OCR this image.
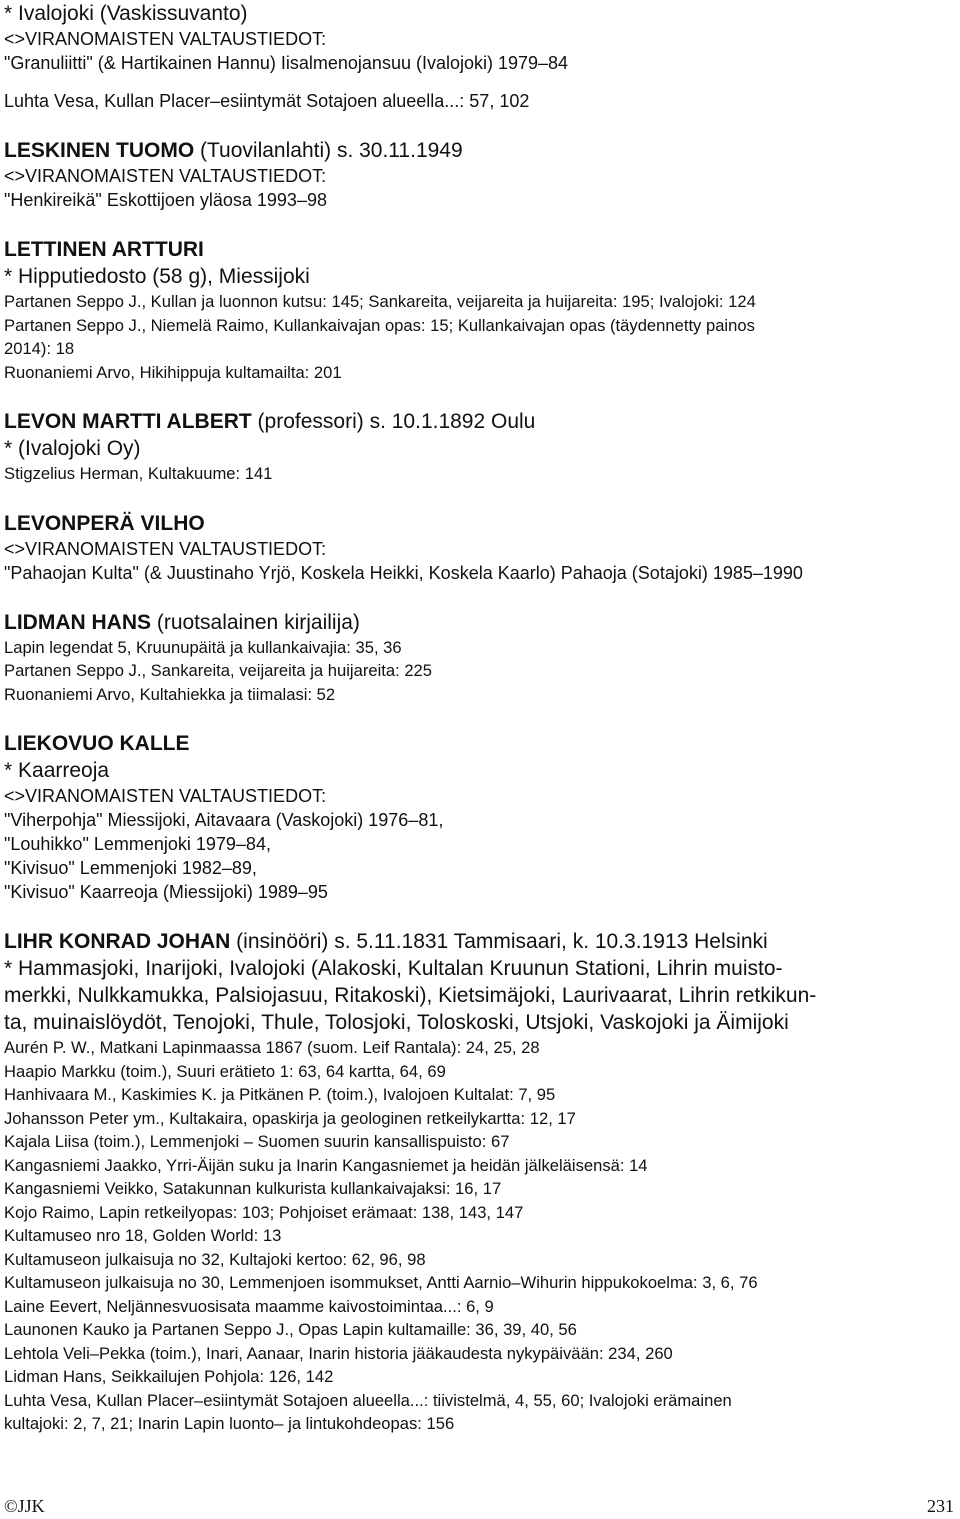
* Ivalojoki (Vaskissuvanto)
<>VIRANOMAISTEN VALTAUSTIEDOT:
"Granuliitti" (& Hartikainen Hannu) Iisalmenojansuu (Ivalojoki) 1979–84
Luhta Vesa, Kullan Placer–esiintymät Sotajoen alueella...: 57, 102
LESKINEN TUOMO (Tuovilanlahti) s. 30.11.1949
<>VIRANOMAISTEN VALTAUSTIEDOT:
"Henkireikä" Eskottijoen yläosa 1993–98
LETTINEN ARTTURI
* Hipputiedosto (58 g), Miessijoki
Partanen Seppo J., Kullan ja luonnon kutsu: 145; Sankareita, veijareita ja huijareita: 195; Ivalojoki: 124
Partanen Seppo J., Niemelä Raimo, Kullankaivajan opas: 15; Kullankaivajan opas (täydennetty painos
2014): 18
Ruonaniemi Arvo, Hikihippuja kultamailta: 201
LEVON MARTTI ALBERT (professori) s. 10.1.1892 Oulu
* (Ivalojoki Oy)
Stigzelius Herman, Kultakuume: 141
LEVONPERÄ VILHO
<>VIRANOMAISTEN VALTAUSTIEDOT:
"Pahaojan Kulta" (& Juustinaho Yrjö, Koskela Heikki, Koskela Kaarlo) Pahaoja (Sotajoki) 1985–1990
LIDMAN HANS (ruotsalainen kirjailija)
Lapin legendat 5, Kruunupäitä ja kullankaivajia: 35, 36
Partanen Seppo J., Sankareita, veijareita ja huijareita: 225
Ruonaniemi Arvo, Kultahiekka ja tiimalasi: 52
LIEKOVUO KALLE
* Kaarreoja
<>VIRANOMAISTEN VALTAUSTIEDOT:
"Viherpohja" Miessijoki, Aitavaara (Vaskojoki) 1976–81,
"Louhikko" Lemmenjoki 1979–84,
"Kivisuo" Lemmenjoki 1982–89,
"Kivisuo" Kaarreoja (Miessijoki) 1989–95
LIHR KONRAD JOHAN (insinööri) s. 5.11.1831 Tammisaari, k. 10.3.1913 Helsinki
* Hammasjoki, Inarijoki, Ivalojoki (Alakoski, Kultalan Kruunun Stationi, Lihrin muisto-
merkki, Nulkkamukka, Palsiojasuu, Ritakoski), Kietsimäjoki, Laurivaarat, Lihrin retkikun-
ta, muinaislöydöt, Tenojoki, Thule, Tolosjoki, Toloskoski, Utsjoki, Vaskojoki ja Äimijoki
Aurén P. W., Matkani Lapinmaassa 1867 (suom. Leif Rantala): 24, 25, 28
Haapio Markku (toim.), Suuri erätieto 1: 63, 64 kartta, 64, 69
Hanhivaara M., Kaskimies K. ja Pitkänen P. (toim.), Ivalojoen Kultalat: 7, 95
Johansson Peter ym., Kultakaira, opaskirja ja geologinen retkeilykartta: 12, 17
Kajala Liisa (toim.), Lemmenjoki – Suomen suurin kansallispuisto: 67
Kangasniemi Jaakko, Yrri-Äijän suku ja Inarin Kangasniemet ja heidän jälkeläisensä: 14
Kangasniemi Veikko, Satakunnan kulkurista kullankaivajaksi: 16, 17
Kojo Raimo, Lapin retkeilyopas: 103; Pohjoiset erämaat: 138, 143, 147
Kultamuseo nro 18, Golden World: 13
Kultamuseon julkaisuja no 32, Kultajoki kertoo: 62, 96, 98
Kultamuseon julkaisuja no 30, Lemmenjoen isommukset, Antti Aarnio–Wihurin hippukokoelma: 3, 6, 76
Laine Eevert, Neljännesvuosisata maamme kaivostoimintaa...: 6, 9
Launonen Kauko ja Partanen Seppo J., Opas Lapin kultamaille: 36, 39, 40, 56
Lehtola Veli–Pekka (toim.), Inari, Aanaar, Inarin historia jääkaudesta nykypäivään: 234, 260
Lidman Hans, Seikkailujen Pohjola: 126, 142
Luhta Vesa, Kullan Placer–esiintymät Sotajoen alueella...: tiivistelmä, 4, 55, 60; Ivalojoki erämainen
kultajoki: 2, 7, 21; Inarin Lapin luonto– ja lintukohdeopas: 156
©JJK	231
